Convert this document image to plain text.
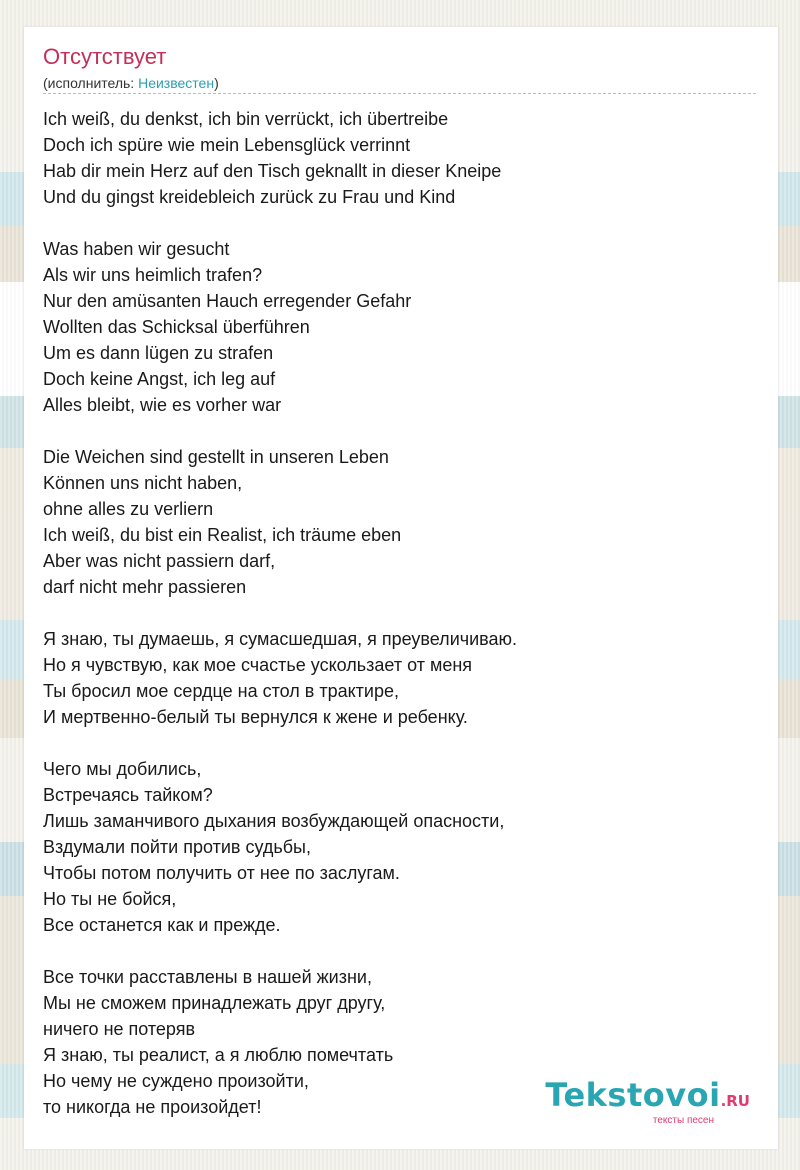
Отсутствует
(исполнитель: Неизвестен)
Ich weiß, du denkst, ich bin verrückt, ich übertreibe
Doch ich spüre wie mein Lebensglück verrinnt
Hab dir mein Herz auf den Tisch geknallt in dieser Kneipe
Und du gingst kreidebleich zurück zu Frau und Kind
Was haben wir gesucht
Als wir uns heimlich trafen?
Nur den amüsanten Hauch erregender Gefahr
Wollten das Schicksal überführen
Um es dann lügen zu strafen
Doch keine Angst, ich leg auf
Alles bleibt, wie es vorher war
Die Weichen sind gestellt in unseren Leben
Können uns nicht haben,
ohne alles zu verliern
Ich weiß, du bist ein Realist, ich träume eben
Aber was nicht passiern darf,
darf nicht mehr passieren
Я знаю, ты думаешь, я сумасшедшая, я преувеличиваю.
Но я чувствую, как мое счастье ускользает от меня
Ты бросил мое сердце на стол в трактире,
И мертвенно-белый ты вернулся к жене и ребенку.
Чего мы добились,
Встречаясь тайком?
Лишь заманчивого дыхания возбуждающей опасности,
Вздумали пойти против судьбы,
Чтобы потом получить от нее по заслугам.
Но ты не бойся,
Все останется как и прежде.
Все точки расставлены в нашей жизни,
Мы не сможем принадлежать друг другу,
ничего не потеряв
Я знаю, ты реалист, а я люблю помечтать
Но чему не суждено произойти,
то никогда не произойдет!	Tekstovoi.RU
тексты песен
